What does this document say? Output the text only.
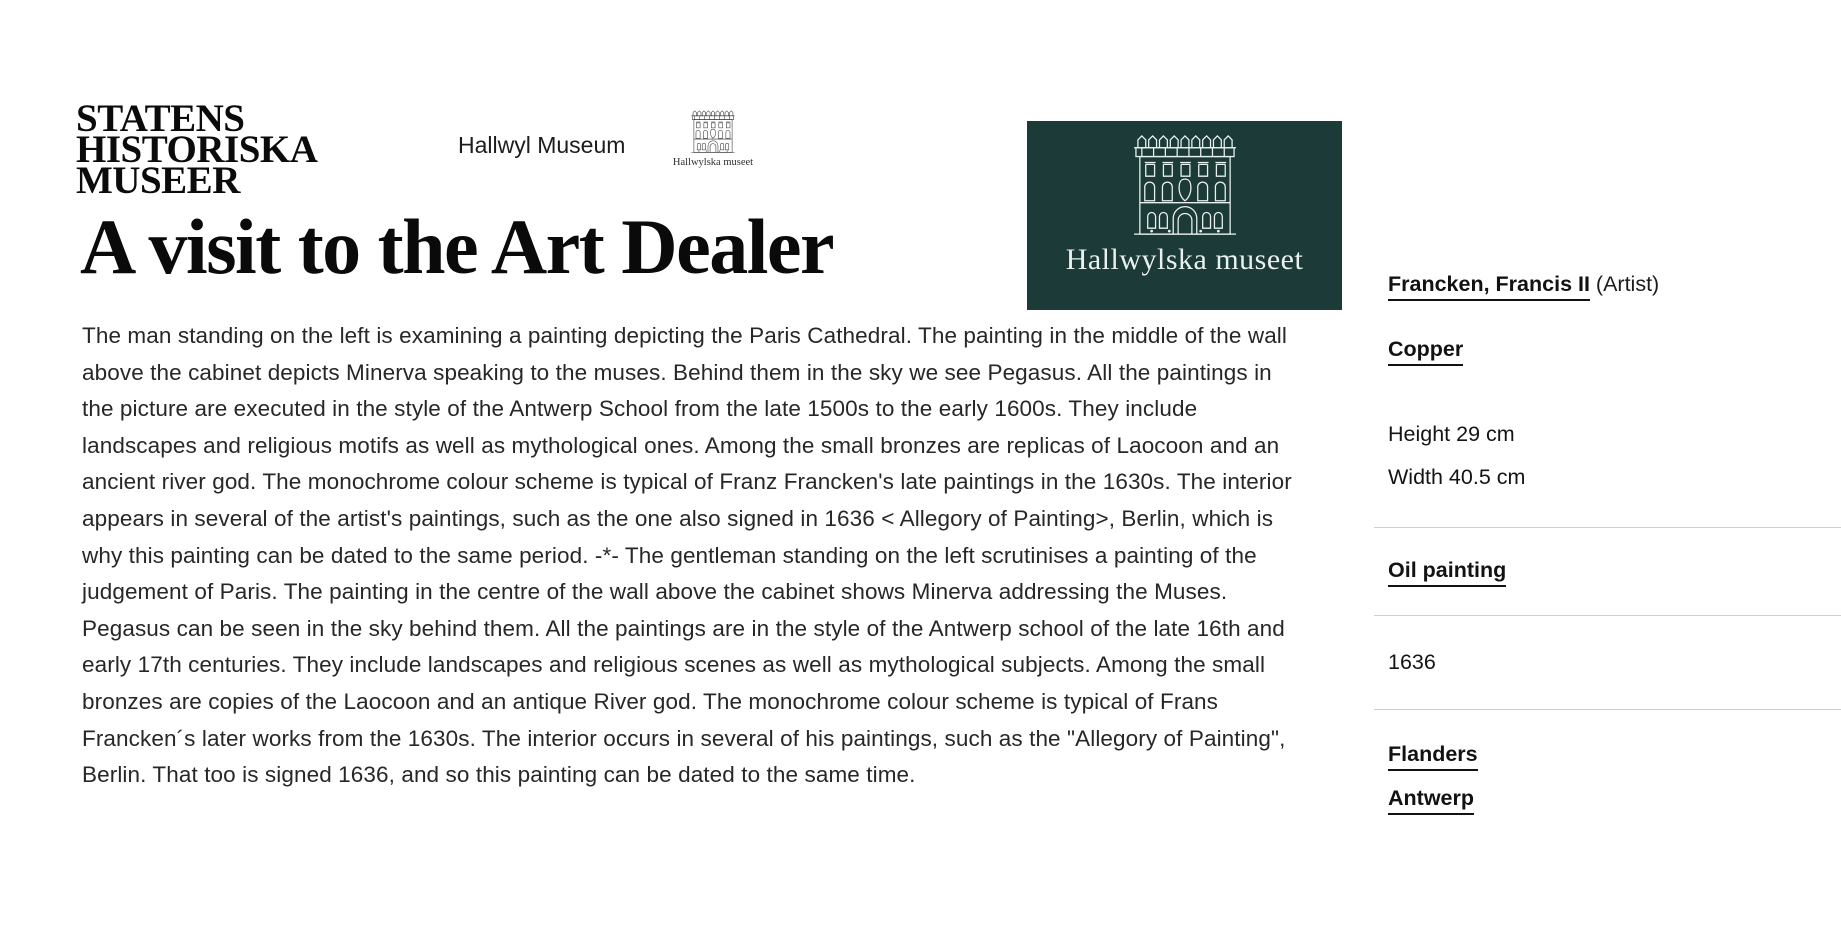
STATENS
HISTORISKA
MUSEER
Hallwyl Museum
Hallwylska museet
Hallwylska museet
A visit to the Art Dealer

The man standing on the left is examining a painting depicting the Paris Cathedral. The painting in the middle of the wall above the cabinet depicts Minerva speaking to the muses. Behind them in the sky we see Pegasus. All the paintings in the picture are executed in the style of the Antwerp School from the late 1500s to the early 1600s. They include landscapes and religious motifs as well as mythological ones. Among the small bronzes are replicas of Laocoon and an ancient river god. The monochrome colour scheme is typical of Franz Francken's late paintings in the 1630s. The interior appears in several of the artist's paintings, such as the one also signed in 1636 < Allegory of Painting>, Berlin, which is why this painting can be dated to the same period. -*- The gentleman standing on the left scrutinises a painting of the judgement of Paris. The painting in the centre of the wall above the cabinet shows Minerva addressing the Muses. Pegasus can be seen in the sky behind them. All the paintings are in the style of the Antwerp school of the late 16th and early 17th centuries. They include landscapes and religious scenes as well as mythological subjects. Among the small bronzes are copies of the Laocoon and an antique River god. The monochrome colour scheme is typical of Frans Francken´s later works from the 1630s. The interior occurs in several of his paintings, such as the "Allegory of Painting", Berlin. That too is signed 1636, and so this painting can be dated to the same time.

Francken, Francis II (Artist)
Copper
Height 29 cm
Width 40.5 cm
Oil painting
1636
Flanders
Antwerp
